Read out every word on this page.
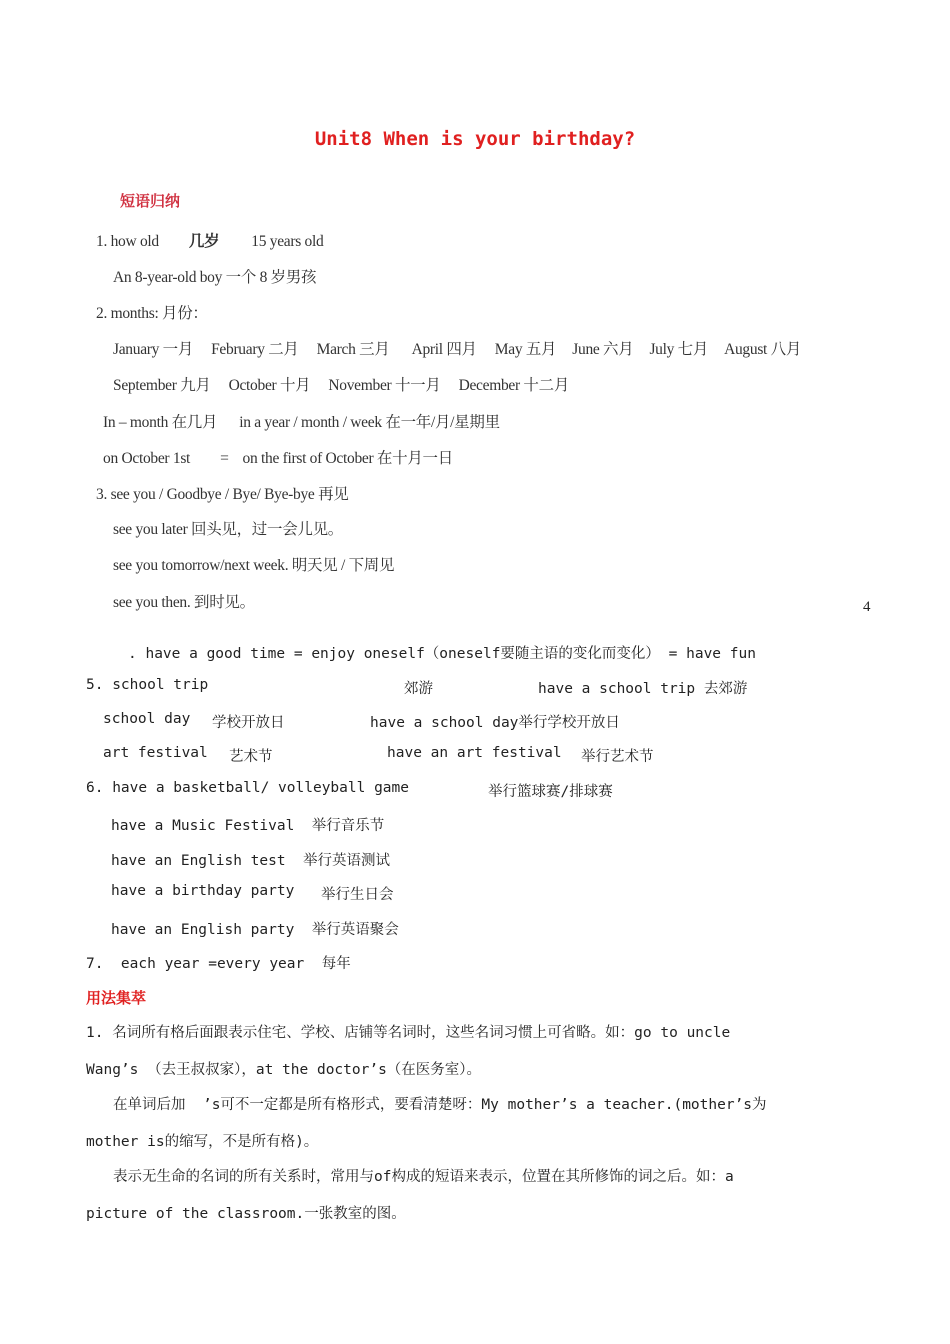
Unit8 When is your birthday?
短语归纳
1. how old 几岁 15 years old
An 8-year-old boy 一个 8 岁男孩
2. months: 月份：
January 一月 February 二月 March 三月 April 四月 May 五月 June 六月 July 七月 August 八月
September 九月 October 十月 November 十一月 December 十二月
In – month 在几月 in a year / month / week 在一年/月/星期里
on October 1st = on the first of October 在十月一日
3. see you / Goodbye / Bye/ Bye-bye 再见
see you later 回头见，过一会儿见。
see you tomorrow/next week. 明天见 / 下周见
see you then. 到时见。	4
. have a good time = enjoy oneself（oneself要随主语的变化而变化） = have fun
5. school trip	郊游	have a school trip 去郊游
school day 学校开放日	have a school day举行学校开放日
art festival 艺术节	have an art festival 举行艺术节
6. have a basketball/ volleyball game	举行篮球赛/排球赛
have a Music Festival  举行音乐节
have an English test  举行英语测试
have a birthday party 举行生日会
have an English party  举行英语聚会
7.  each year =every year  每年
用法集萃
1. 名词所有格后面跟表示住宅、学校、店铺等名词时，这些名词习惯上可省略。如：go to uncle
Wang’s （去王叔叔家），at the doctor’s（在医务室）。
在单词后加  ’s可不一定都是所有格形式，要看清楚呀：My mother’s a teacher.(mother’s为
mother is的缩写，不是所有格)。
表示无生命的名词的所有关系时，常用与of构成的短语来表示，位置在其所修饰的词之后。如：a
picture of the classroom.一张教室的图。
